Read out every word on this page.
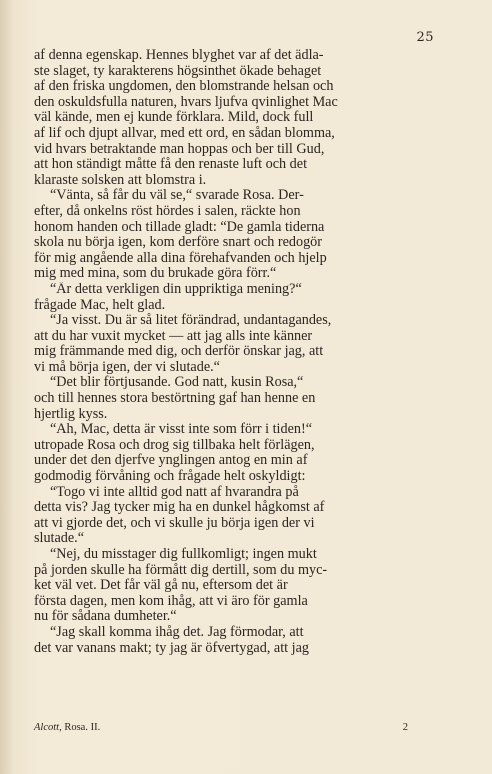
25
af denna egenskap. Hennes blyghet var af det ädla-
ste slaget, ty karakterens högsinthet ökade behaget
af den friska ungdomen, den blomstrande helsan och
den oskuldsfulla naturen, hvars ljufva qvinlighet Mac
väl kände, men ej kunde förklara. Mild, dock full
af lif och djupt allvar, med ett ord, en sådan blomma,
vid hvars betraktande man hoppas och ber till Gud,
att hon ständigt måtte få den renaste luft och det
klaraste solsken att blomstra i.
“Vänta, så får du väl se,“ svarade Rosa. Der-
efter, då onkelns röst hördes i salen, räckte hon
honom handen och tillade gladt: “De gamla tiderna
skola nu börja igen, kom derföre snart och redogör
för mig angående alla dina förehafvanden och hjelp
mig med mina, som du brukade göra förr.“
“Är detta verkligen din uppriktiga mening?“
frågade Mac, helt glad.
“Ja visst. Du är så litet förändrad, undantagandes,
att du har vuxit mycket — att jag alls inte känner
mig främmande med dig, och derför önskar jag, att
vi må börja igen, der vi slutade.“
“Det blir förtjusande. God natt, kusin Rosa,“
och till hennes stora bestörtning gaf han henne en
hjertlig kyss.
“Ah, Mac, detta är visst inte som förr i tiden!“
utropade Rosa och drog sig tillbaka helt förlägen,
under det den djerfve ynglingen antog en min af
godmodig förvåning och frågade helt oskyldigt:
“Togo vi inte alltid god natt af hvarandra på
detta vis? Jag tycker mig ha en dunkel hågkomst af
att vi gjorde det, och vi skulle ju börja igen der vi
slutade.“
“Nej, du misstager dig fullkomligt; ingen mukt
på jorden skulle ha förmått dig dertill, som du myc-
ket väl vet. Det får väl gå nu, eftersom det är
första dagen, men kom ihåg, att vi äro för gamla
nu för sådana dumheter.“
“Jag skall komma ihåg det. Jag förmodar, att
det var vanans makt; ty jag är öfvertygad, att jag
Alcott, Rosa. II.	2
